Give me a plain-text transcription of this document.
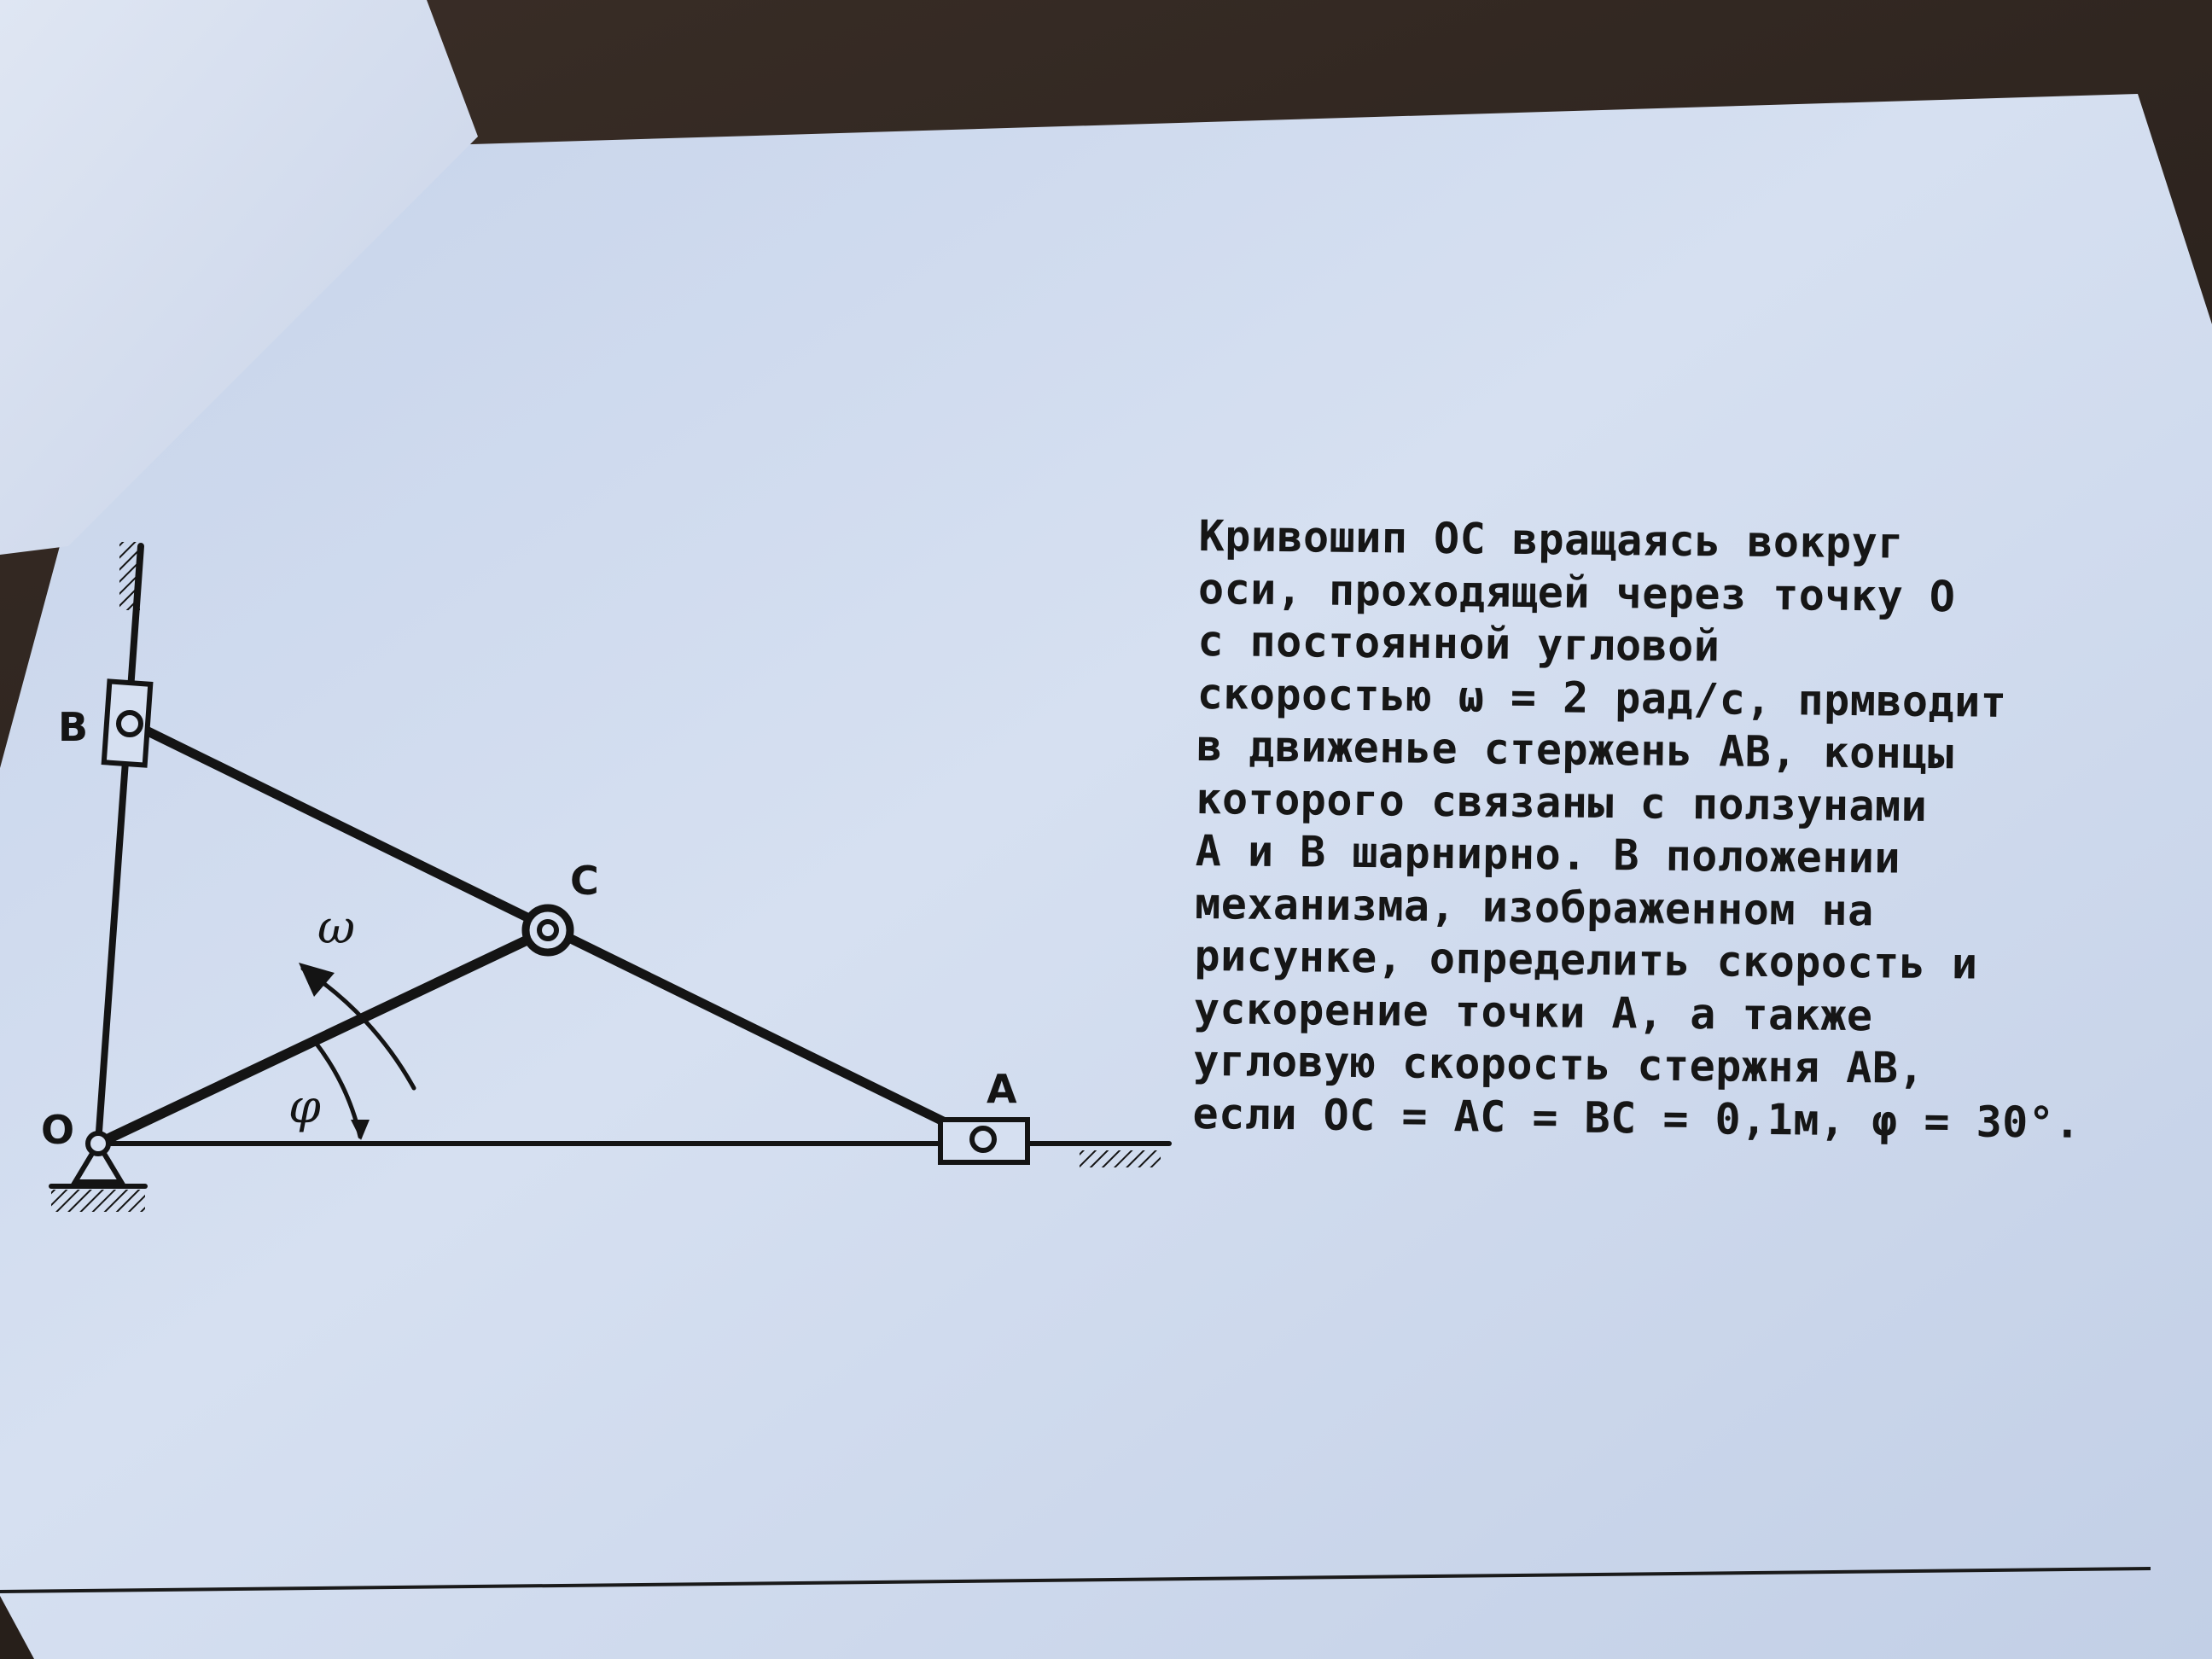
B
C
A
O
ω
φ
Кривошип ОС вращаясь вокруг
оси, проходящей через точку О
с постоянной угловой
скоростью ω = 2 рад/с, прмводит
в движенье стержень АВ, концы
которого связаны с ползунами
А и В шарнирно. В положении
механизма, изображенном на
рисунке, определить скорость и
ускорение точки А, а также
угловую скорость стержня АВ,
если ОС = АС = ВС = 0,1м, φ = 30°.
